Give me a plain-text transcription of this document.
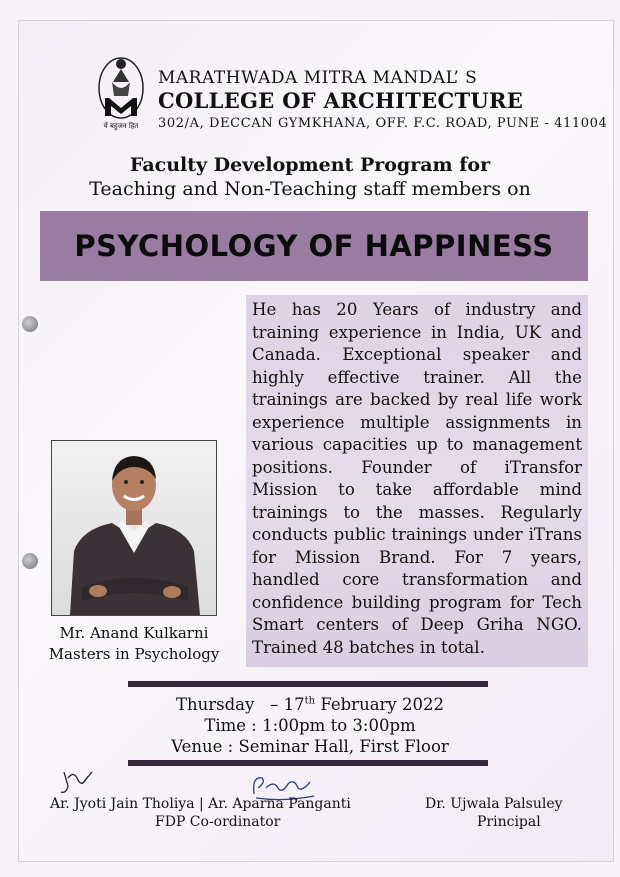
यें बहुजन हित
MARATHWADA MITRA MANDAL’ S
COLLEGE OF ARCHITECTURE
302/A, DECCAN GYMKHANA, OFF. F.C. ROAD, PUNE - 411004
Faculty Development Program for
Teaching and Non-Teaching staff members on
PSYCHOLOGY OF HAPPINESS
He has 20 Years of industry and training experience in India, UK and Canada. Exceptional speaker and highly effective trainer. All the trainings are backed by real life work experience multiple assignments in various capacities up to management positions. Founder of iTransfor Mission to take affordable mind trainings to the masses. Regularly conducts public trainings under iTrans for Mission Brand. For 7 years, handled core transformation and confidence building program for Tech Smart centers of Deep Griha NGO. Trained 48 batches in total.
Mr. Anand Kulkarni
Masters in Psychology
Thursday   – 17th February 2022
Time : 1:00pm to 3:00pm
Venue : Seminar Hall, First Floor
Ar. Jyoti Jain Tholiya | Ar. Aparna Panganti
FDP Co-ordinator
Dr. Ujwala Palsuley
Principal
